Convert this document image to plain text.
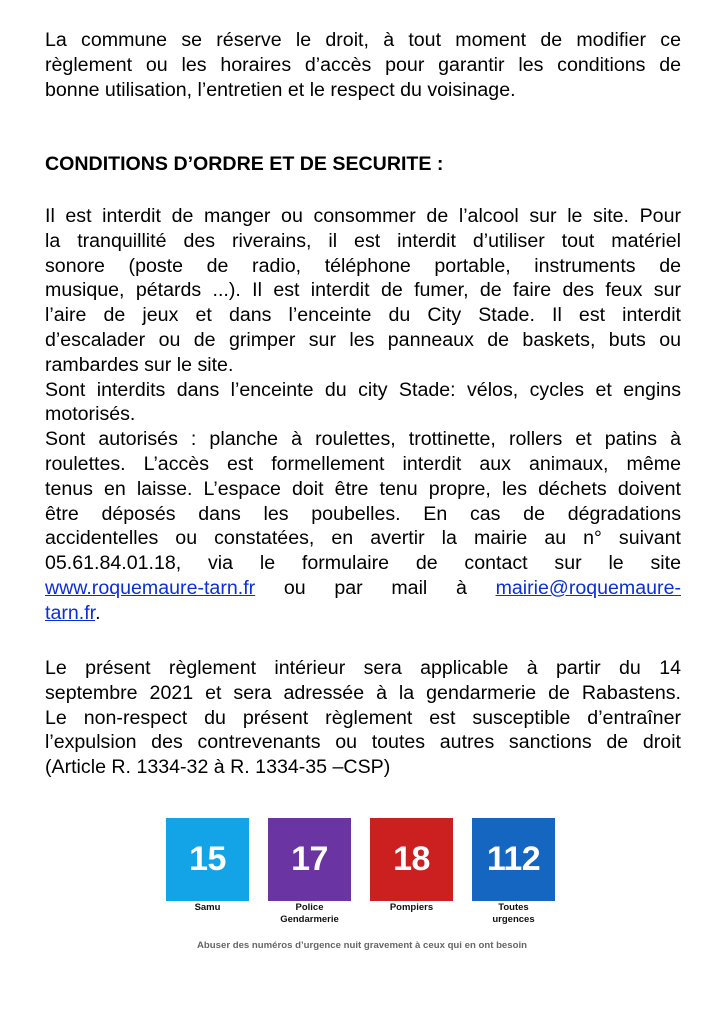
La commune se réserve le droit, à tout moment de modifier ce
règlement ou les horaires d’accès pour garantir les conditions de
bonne utilisation, l’entretien et le respect du voisinage.
CONDITIONS D’ORDRE ET DE SECURITE :
Il est interdit de manger ou consommer de l’alcool sur le site. Pour
la tranquillité des riverains, il est interdit d’utiliser tout matériel
sonore (poste de radio, téléphone portable, instruments de
musique, pétards ...). Il est interdit de fumer, de faire des feux sur
l’aire de jeux et dans l’enceinte du City Stade. Il est interdit
d’escalader ou de grimper sur les panneaux de baskets, buts ou
rambardes sur le site.
Sont interdits dans l’enceinte du city Stade: vélos, cycles et engins
motorisés.
Sont autorisés : planche à roulettes, trottinette, rollers et patins à
roulettes. L’accès est formellement interdit aux animaux, même
tenus en laisse. L’espace doit être tenu propre, les déchets doivent
être déposés dans les poubelles. En cas de dégradations
accidentelles ou constatées, en avertir la mairie au n° suivant
05.61.84.01.18, via le formulaire de contact sur le site
www.roquemaure-tarn.fr ou par mail à mairie@roquemaure-
tarn.fr.
Le présent règlement intérieur sera applicable à partir du 14
septembre 2021 et sera adressée à la gendarmerie de Rabastens.
Le non-respect du présent règlement est susceptible d’entraîner
l’expulsion des contrevenants ou toutes autres sanctions de droit
(Article R. 1334-32 à R. 1334-35 –CSP)
15	17	18	112
Samu	Police
Gendarmerie
Pompiers	Toutes
urgences
Abuser des numéros d’urgence nuit gravement à ceux qui en ont besoin
